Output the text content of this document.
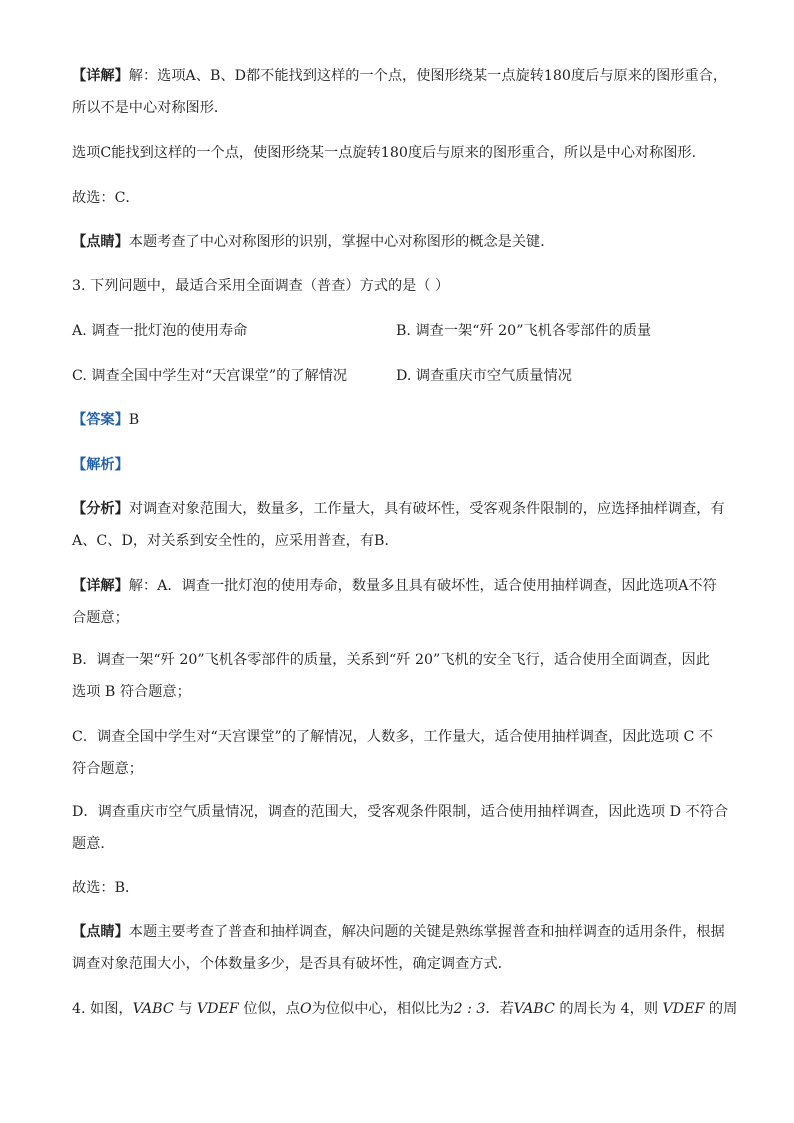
【详解】解：选项A、B、D都不能找到这样的一个点，使图形绕某一点旋转180度后与原来的图形重合，
所以不是中心对称图形．
选项C能找到这样的一个点，使图形绕某一点旋转180度后与原来的图形重合，所以是中心对称图形．
故选：C．
【点睛】本题考查了中心对称图形的识别，掌握中心对称图形的概念是关键．
3. 下列问题中，最适合采用全面调查（普查）方式的是（ ）
A. 调查一批灯泡的使用寿命	B. 调查一架“歼 20”飞机各零部件的质量
C. 调查全国中学生对“天宫课堂”的了解情况	D. 调查重庆市空气质量情况
【答案】B
【解析】
【分析】对调查对象范围大，数量多，工作量大，具有破坏性，受客观条件限制的，应选择抽样调查，有
A、C、D，对关系到安全性的，应采用普查，有B．
【详解】解：A．调查一批灯泡的使用寿命，数量多且具有破坏性，适合使用抽样调查，因此选项A不符
合题意；
B．调查一架“歼 20”飞机各零部件的质量，关系到“歼 20”飞机的安全飞行，适合使用全面调查，因此
选项 B 符合题意；
C．调查全国中学生对“天宫课堂”的了解情况，人数多，工作量大，适合使用抽样调查，因此选项 C 不
符合题意；
D．调查重庆市空气质量情况，调查的范围大，受客观条件限制，适合使用抽样调查，因此选项 D 不符合
题意．
故选：B．
【点睛】本题主要考查了普查和抽样调查，解决问题的关键是熟练掌握普查和抽样调查的适用条件，根据
调查对象范围大小，个体数量多少，是否具有破坏性，确定调查方式．
4. 如图，VABC 与 VDEF 位似，点O为位似中心，相似比为2 : 3．若VABC 的周长为 4，则 VDEF 的周
